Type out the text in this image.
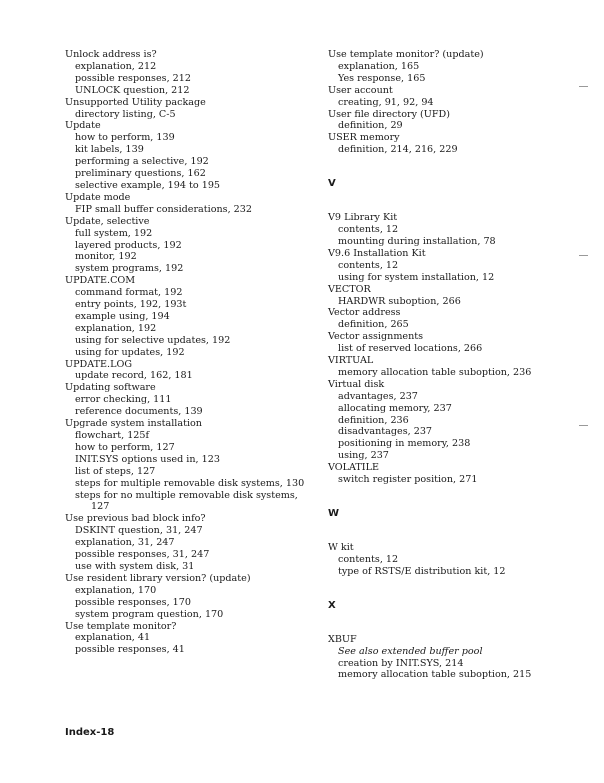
Unlock address is?
explanation, 212
possible responses, 212
UNLOCK question, 212
Unsupported Utility package
directory listing, C-5
Update
how to perform, 139
kit labels, 139
performing a selective, 192
preliminary questions, 162
selective example, 194 to 195
Update mode
FIP small buffer considerations, 232
Update, selective
full system, 192
layered products, 192
monitor, 192
system programs, 192
UPDATE.COM
command format, 192
entry points, 192, 193t
example using, 194
explanation, 192
using for selective updates, 192
using for updates, 192
UPDATE.LOG
update record, 162, 181
Updating software
error checking, 111
reference documents, 139
Upgrade system installation
flowchart, 125f
how to perform, 127
INIT.SYS options used in, 123
list of steps, 127
steps for multiple removable disk systems, 130
steps for no multiple removable disk systems,
127
Use previous bad block info?
DSKINT question, 31, 247
explanation, 31, 247
possible responses, 31, 247
use with system disk, 31
Use resident library version? (update)
explanation, 170
possible responses, 170
system program question, 170
Use template monitor?
explanation, 41
possible responses, 41
Use template monitor? (update)
explanation, 165
Yes response, 165
User account
creating, 91, 92, 94
User file directory (UFD)
definition, 29
USER memory
definition, 214, 216, 229
V
V9 Library Kit
contents, 12
mounting during installation, 78
V9.6 Installation Kit
contents, 12
using for system installation, 12
VECTOR
HARDWR suboption, 266
Vector address
definition, 265
Vector assignments
list of reserved locations, 266
VIRTUAL
memory allocation table suboption, 236
Virtual disk
advantages, 237
allocating memory, 237
definition, 236
disadvantages, 237
positioning in memory, 238
using, 237
VOLATILE
switch register position, 271
W
W kit
contents, 12
type of RSTS/E distribution kit, 12
X
XBUF
See also extended buffer pool
creation by INIT.SYS, 214
memory allocation table suboption, 215
Index-18
